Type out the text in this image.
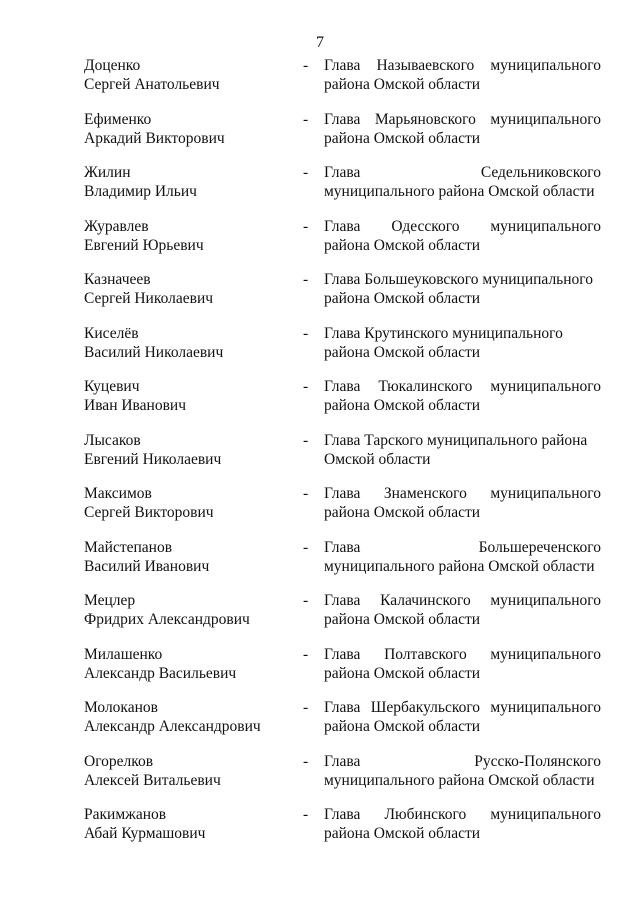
7
Доценко
Сергей Анатольевич
-	Глава Называевского муниципального
района Омской области
Ефименко
Аркадий Викторович
-	Глава Марьяновского муниципального
района Омской области
Жилин
Владимир Ильич
-	Глава	Седельниковского
муниципального района Омской области
Журавлев
Евгений Юрьевич
-	Глава Одесского муниципального
района Омской области
Казначеев
Сергей Николаевич
-	Глава Большеуковского муниципального
района Омской области
Киселёв
Василий Николаевич
-	Глава Крутинского муниципального
района Омской области
Куцевич
Иван Иванович
-	Глава Тюкалинского муниципального
района Омской области
Лысаков
Евгений Николаевич
-	Глава Тарского муниципального района
Омской области
Максимов
Сергей Викторович
-	Глава Знаменского муниципального
района Омской области
Майстепанов
Василий Иванович
-	Глава	Большереченского
муниципального района Омской области
Мецлер
Фридрих Александрович
-	Глава Калачинского муниципального
района Омской области
Милашенко
Александр Васильевич
-	Глава Полтавского муниципального
района Омской области
Молоканов
Александр Александрович
-	Глава Шербакульского муниципального
района Омской области
Огорелков
Алексей Витальевич
-	Глава	Русско-Полянского
муниципального района Омской области
Ракимжанов
Абай Курмашович
-	Глава Любинского муниципального
района Омской области
